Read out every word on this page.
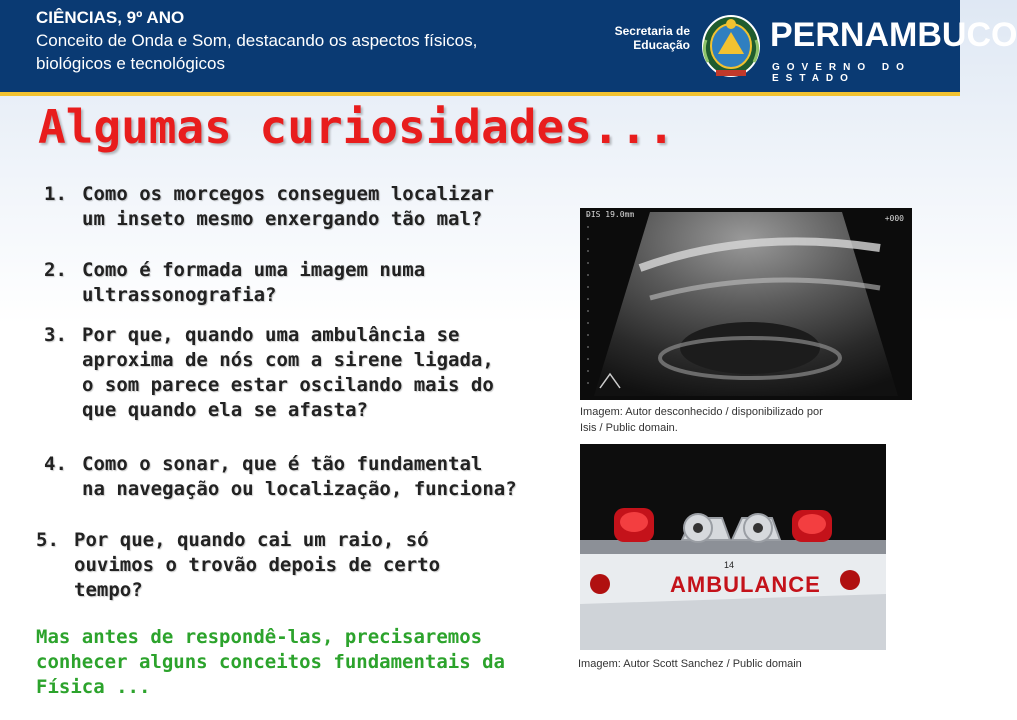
CIÊNCIAS, 9º ANO
Conceito de Onda e Som, destacando os aspectos físicos,
biológicos e tecnológicos
Secretaria de
Educação PERNAMBUCO
GOVERNO DO ESTADO
Algumas curiosidades...
1. Como os morcegos conseguem localizar
um inseto mesmo enxergando tão mal?
2. Como é formada uma imagem numa
ultrassonografia?
3. Por que, quando uma ambulância se
aproxima de nós com a sirene ligada,
o som parece estar oscilando mais do
que quando ela se afasta?
4. Como o sonar, que é tão fundamental
na navegação ou localização, funciona?
5. Por que, quando cai um raio, só
ouvimos o trovão depois de certo
tempo?
Mas antes de respondê-las, precisaremos
conhecer alguns conceitos fundamentais da
Física ...
DIS 19.0mm	+000
Imagem: Autor desconhecido / disponibilizado por
Isis / Public domain.
14
AMBULANCE
Imagem: Autor Scott Sanchez / Public domain
